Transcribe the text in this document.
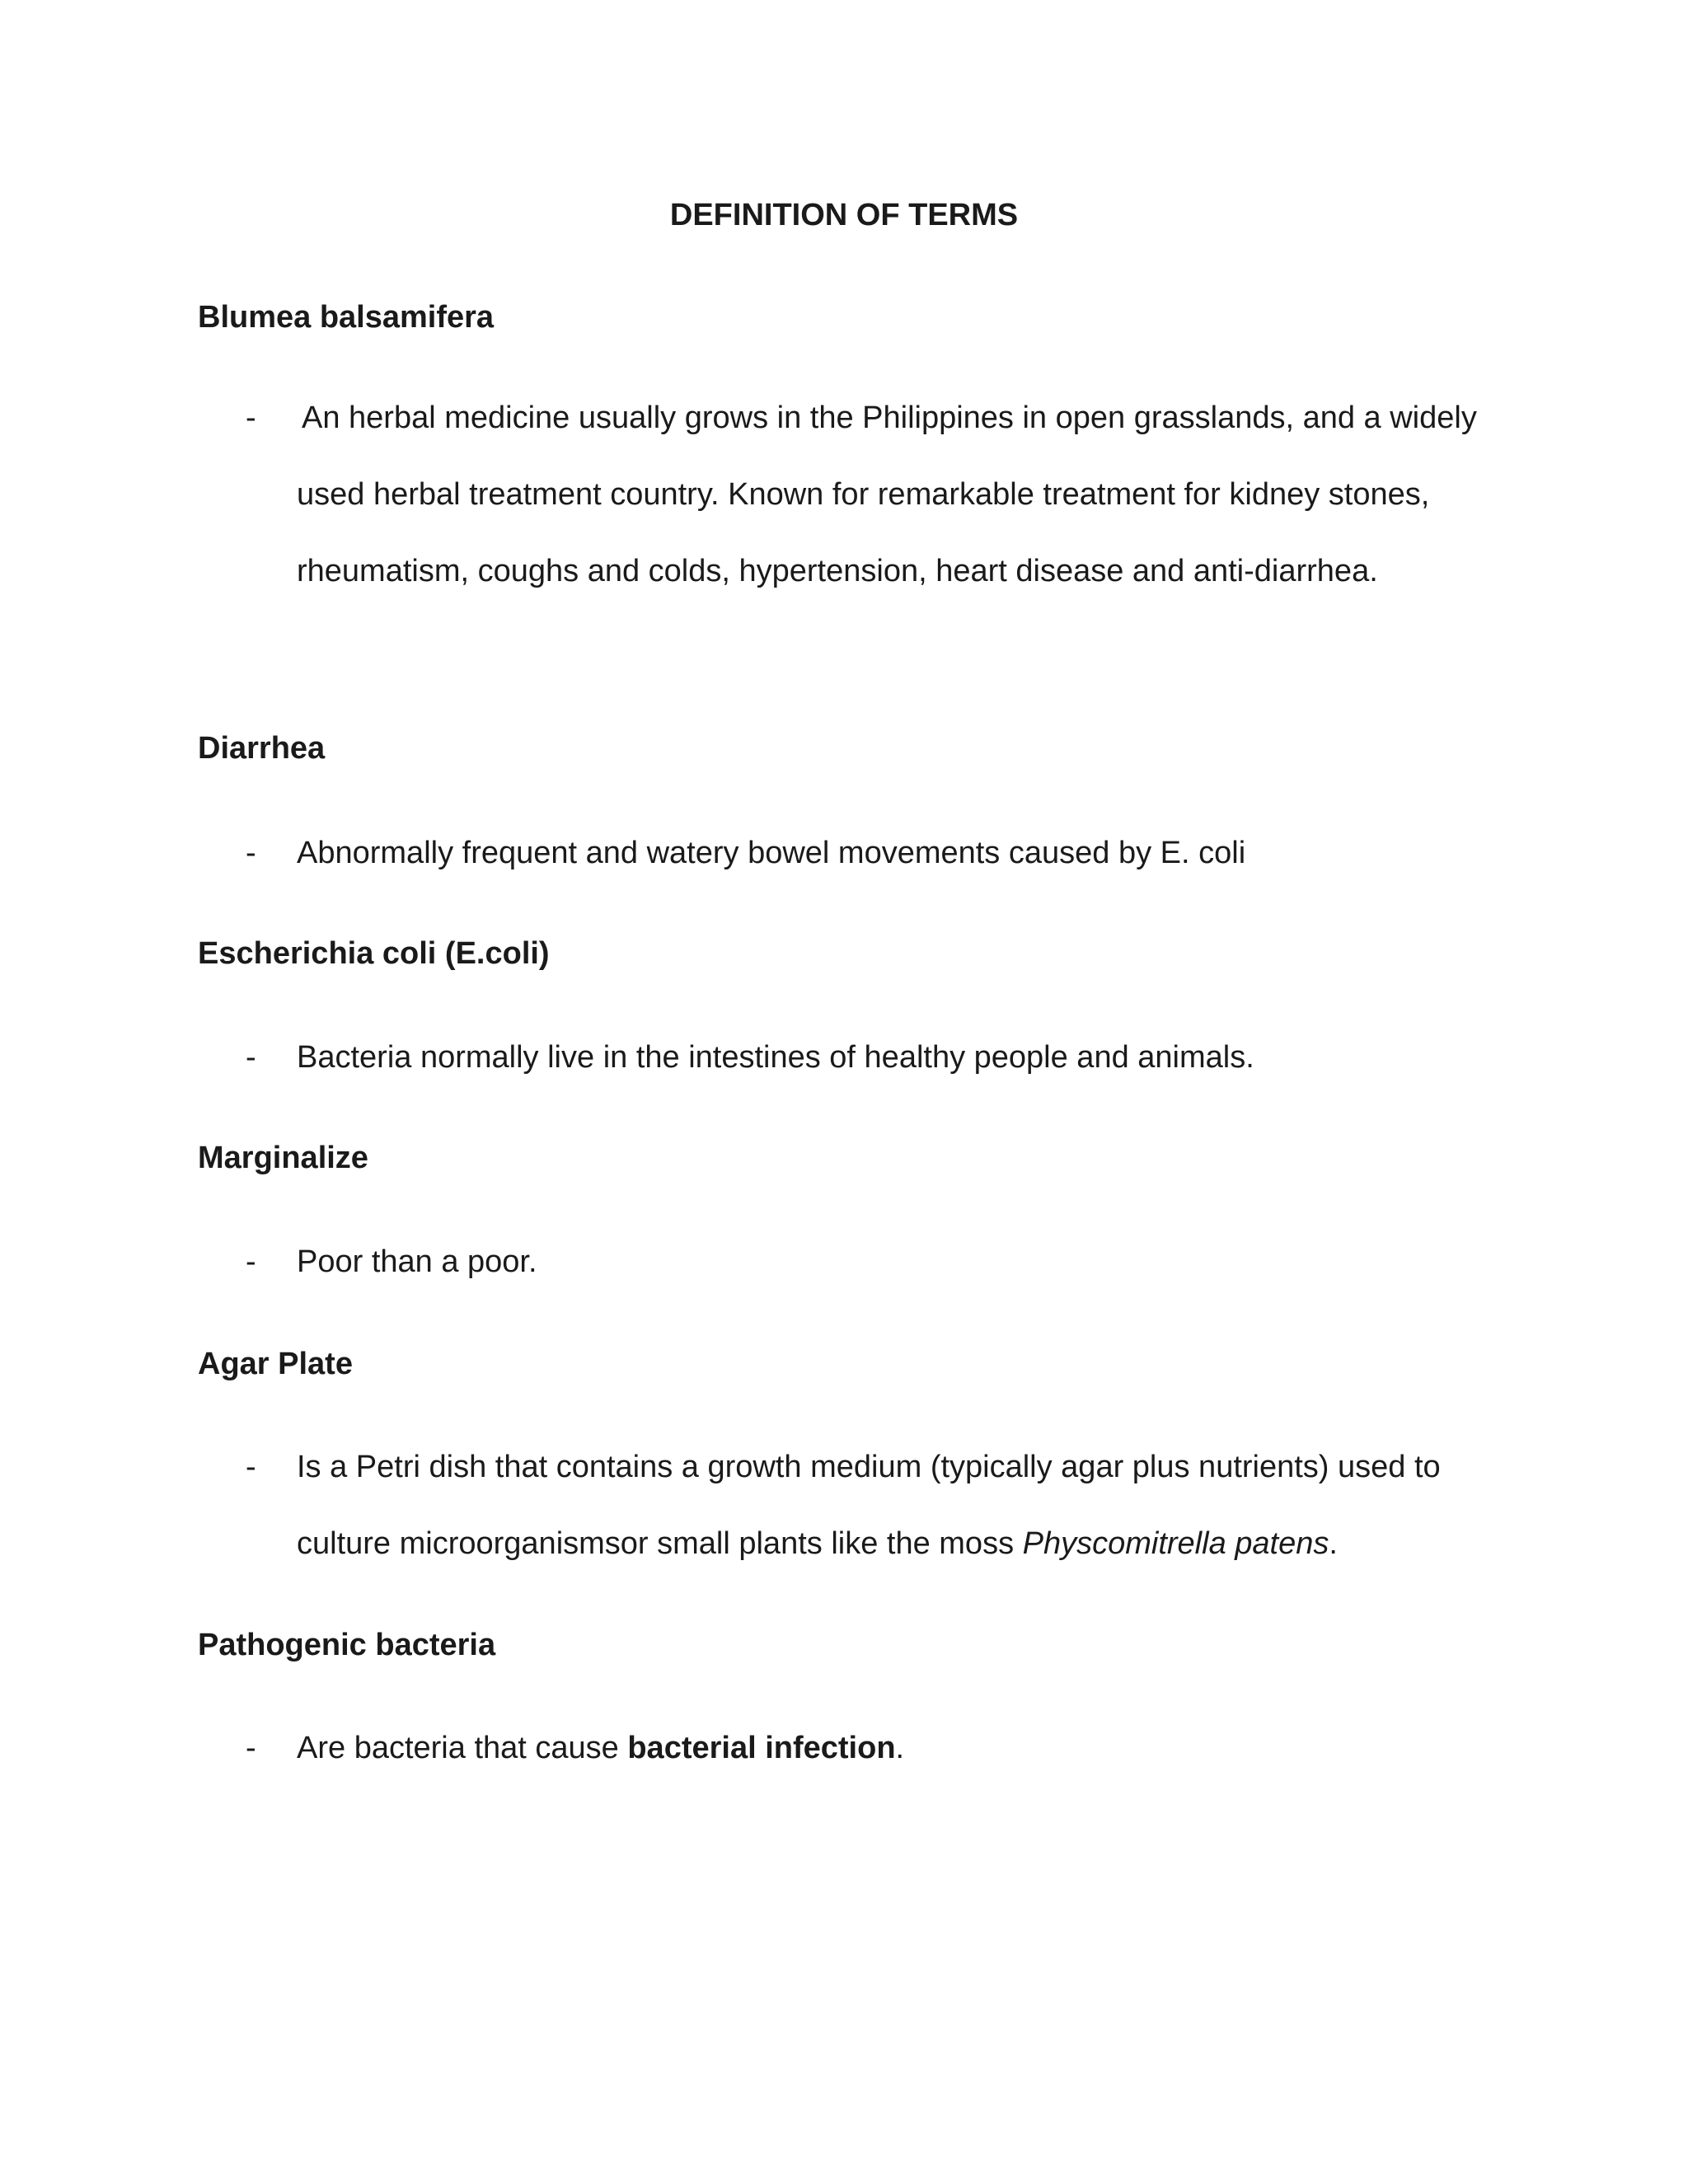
DEFINITION OF TERMS
Blumea balsamifera
-	An herbal medicine usually grows in the Philippines in open grasslands, and a widely used herbal treatment country. Known for remarkable treatment for kidney stones, rheumatism, coughs and colds, hypertension, heart disease and anti-diarrhea.
Diarrhea
-	Abnormally frequent and watery bowel movements caused by E. coli
Escherichia coli (E.coli)
-	Bacteria normally live in the intestines of healthy people and animals.
Marginalize
-	Poor than a poor.
Agar Plate
-	Is a Petri dish that contains a growth medium (typically agar plus nutrients) used to culture microorganismsor small plants like the moss Physcomitrella patens.
Pathogenic bacteria
-	Are bacteria that cause bacterial infection.
